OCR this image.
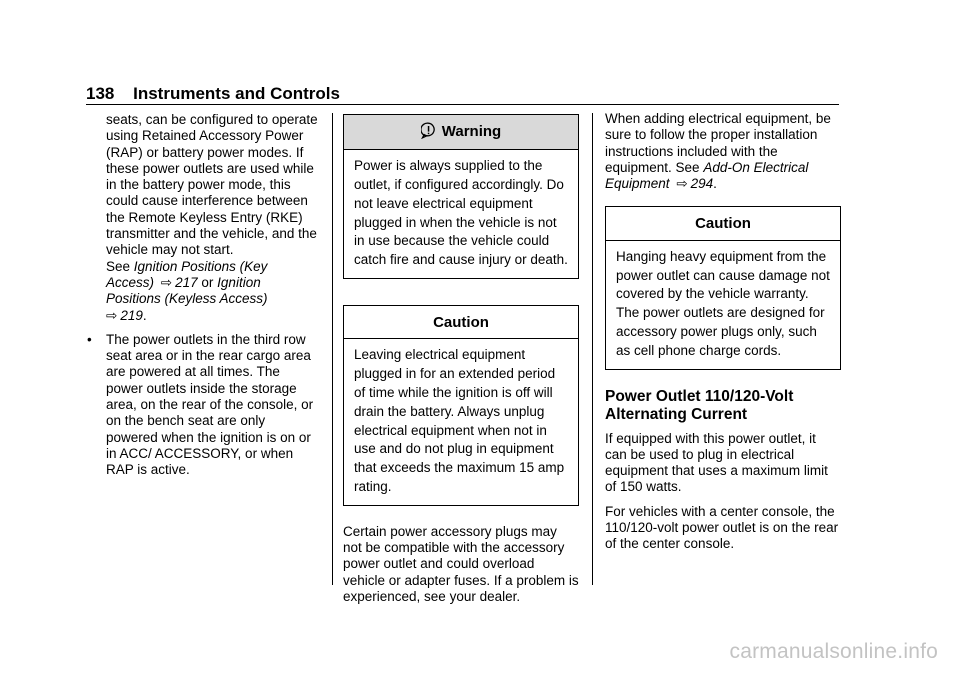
138 Instruments and Controls

seats, can be configured to operate using Retained Accessory Power (RAP) or battery power modes. If these power outlets are used while in the battery power mode, this could cause interference between the Remote Keyless Entry (RKE) transmitter and the vehicle, and the vehicle may not start.
See Ignition Positions (Key Access) ⇨ 217 or Ignition Positions (Keyless Access)
⇨ 219.

• The power outlets in the third row seat area or in the rear cargo area are powered at all times. The power outlets inside the storage area, on the rear of the console, or on the bench seat are only powered when the ignition is on or in ACC/ ACCESSORY, or when RAP is active.

Warning
Power is always supplied to the outlet, if configured accordingly. Do not leave electrical equipment plugged in when the vehicle is not in use because the vehicle could catch fire and cause injury or death.
Caution
Leaving electrical equipment plugged in for an extended period of time while the ignition is off will drain the battery. Always unplug electrical equipment when not in use and do not plug in equipment that exceeds the maximum 15 amp rating.

Certain power accessory plugs may not be compatible with the accessory power outlet and could overload vehicle or adapter fuses. If a problem is experienced, see your dealer.

When adding electrical equipment, be sure to follow the proper installation instructions included with the equipment. See Add-On Electrical Equipment ⇨ 294.

Caution
Hanging heavy equipment from the power outlet can cause damage not covered by the vehicle warranty. The power outlets are designed for accessory power plugs only, such as cell phone charge cords.

Power Outlet 110/120-Volt Alternating Current

If equipped with this power outlet, it can be used to plug in electrical equipment that uses a maximum limit of 150 watts.

For vehicles with a center console, the 110/120-volt power outlet is on the rear of the center console.

carmanualsonline.info
